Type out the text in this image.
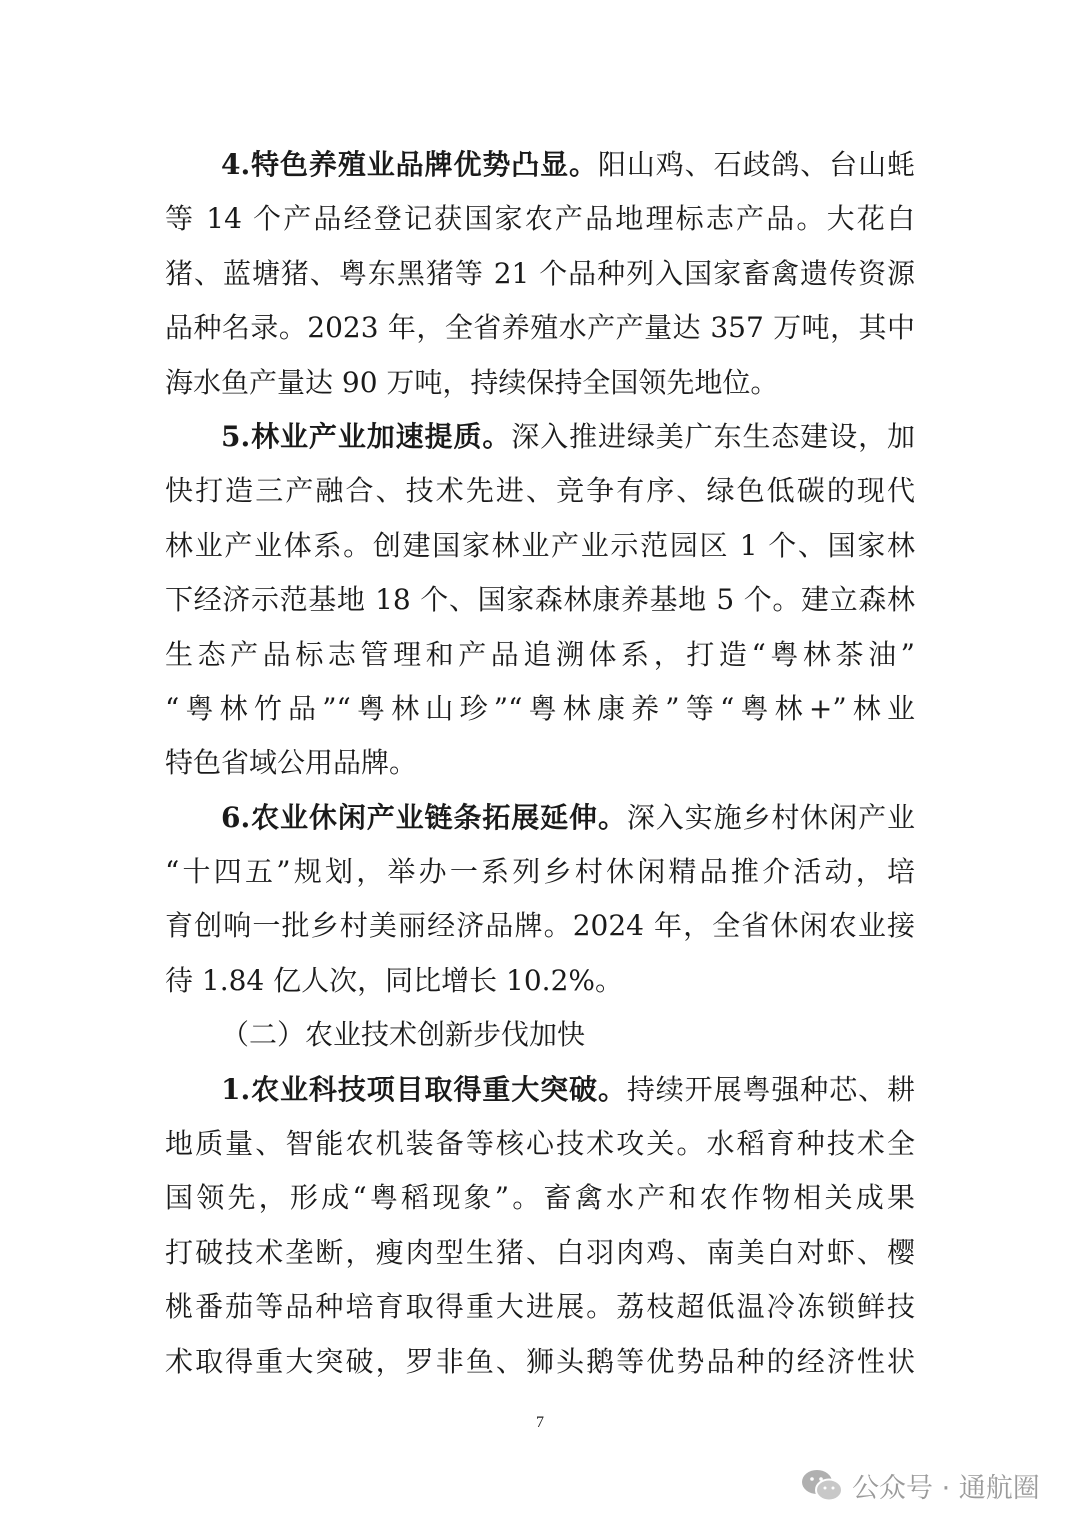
4.特色养殖业品牌优势凸显。阳山鸡、石歧鸽、台山蚝
等 14 个产品经登记获国家农产品地理标志产品。大花白
猪、蓝塘猪、粤东黑猪等 21 个品种列入国家畜禽遗传资源
品种名录。2023 年，全省养殖水产产量达 357 万吨，其中
海水鱼产量达 90 万吨，持续保持全国领先地位。
5.林业产业加速提质。深入推进绿美广东生态建设，加
快打造三产融合、技术先进、竞争有序、绿色低碳的现代
林业产业体系。创建国家林业产业示范园区 1 个、国家林
下经济示范基地 18 个、国家森林康养基地 5 个。建立森林
生态产品标志管理和产品追溯体系，打造“粤林茶油”
“粤林竹品”“粤林山珍”“粤林康养”等“粤林+”林业
特色省域公用品牌。
6.农业休闲产业链条拓展延伸。深入实施乡村休闲产业
“十四五”规划，举办一系列乡村休闲精品推介活动，培
育创响一批乡村美丽经济品牌。2024 年，全省休闲农业接
待 1.84 亿人次，同比增长 10.2%。
（二）农业技术创新步伐加快
1.农业科技项目取得重大突破。持续开展粤强种芯、耕
地质量、智能农机装备等核心技术攻关。水稻育种技术全
国领先，形成“粤稻现象”。畜禽水产和农作物相关成果
打破技术垄断，瘦肉型生猪、白羽肉鸡、南美白对虾、樱
桃番茄等品种培育取得重大进展。荔枝超低温冷冻锁鲜技
术取得重大突破，罗非鱼、狮头鹅等优势品种的经济性状
7
公众号 · 通航圈
